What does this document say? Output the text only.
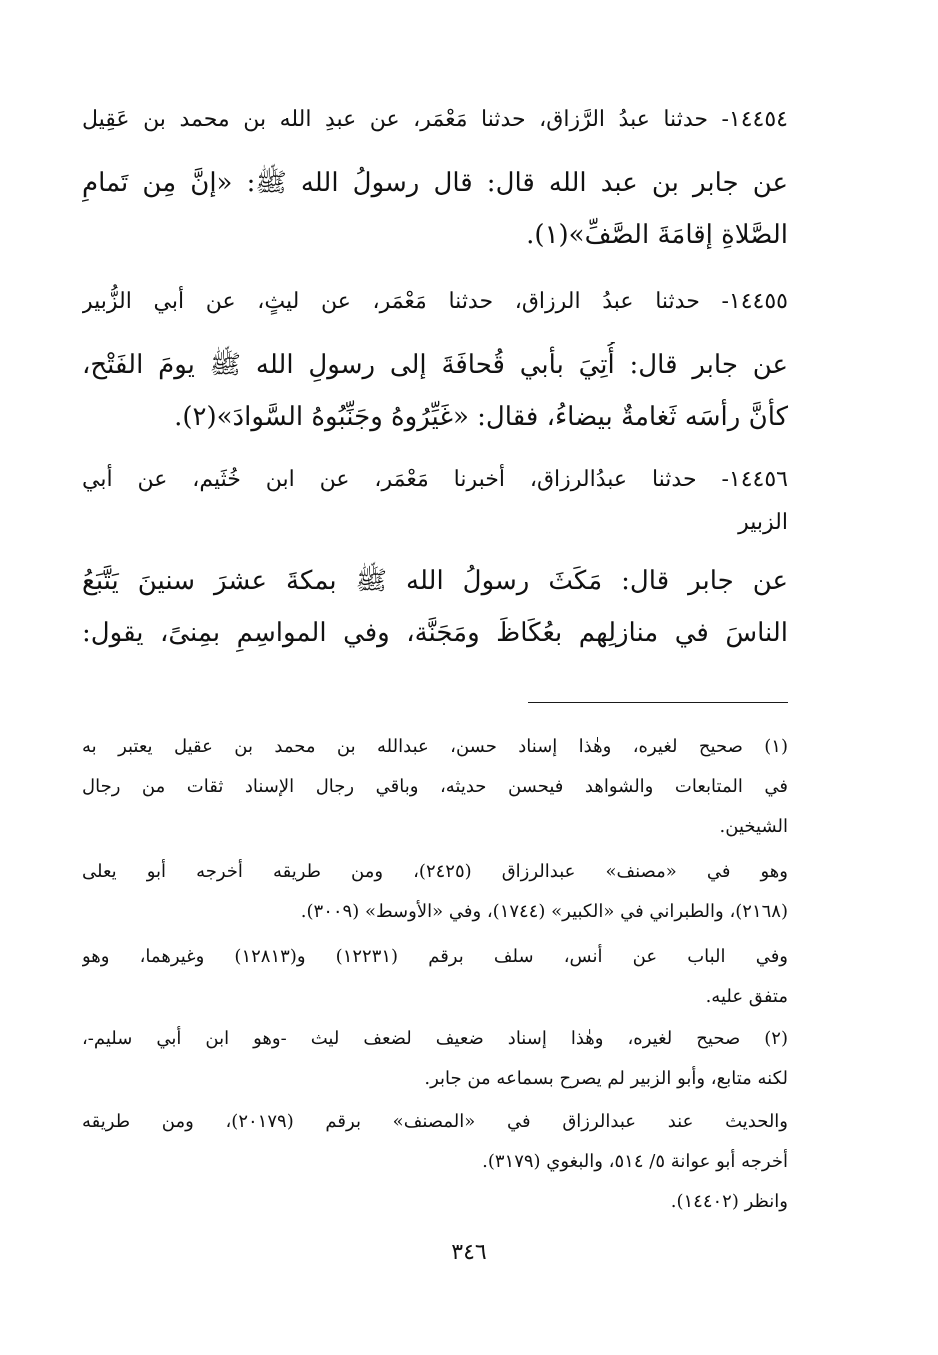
١٤٤٥٤- حدثنا عبدُ الرَّزاق، حدثنا مَعْمَر، عن عبدِ الله بن محمد بن عَقِيل
عن جابر بن عبد الله قال: قال رسولُ الله ﷺ: «إنَّ مِن تَمامِ
الصَّلاةِ إقامَةَ الصَّفِّ»(١).
١٤٤٥٥- حدثنا عبدُ الرزاق، حدثنا مَعْمَر، عن ليثٍ، عن أبي الزُّبير
عن جابر قال: أُتِيَ بأبي قُحافَةَ إلى رسولِ الله ﷺ يومَ الفَتْح،
كأنَّ رأسَه ثَغامةٌ بيضاءُ، فقال: «غَيِّرُوهُ وجَنِّبُوهُ السَّوادَ»(٢).
١٤٤٥٦- حدثنا عبدُالرزاق، أخبرنا مَعْمَر، عن ابن خُثَيم، عن أبي
الزبير
عن جابر قال: مَكَثَ رسولُ الله ﷺ بمكةَ عشرَ سنينَ يَتَّبَعُ
الناسَ في منازلِهم بعُكَاظَ ومَجَنَّة، وفي المواسِمِ بمِنىً، يقول:
(١) صحيح لغيره، وهٰذا إسناد حسن، عبدالله بن محمد بن عقيل يعتبر به
في المتابعات والشواهد فيحسن حديثه، وباقي رجال الإسناد ثقات من رجال
الشيخين.
وهو في «مصنف» عبدالرزاق (٢٤٢٥)، ومن طريقه أخرجه أبو يعلى
(٢١٦٨)، والطبراني في «الكبير» (١٧٤٤)، وفي «الأوسط» (٣٠٠٩).
وفي الباب عن أنس، سلف برقم (١٢٢٣١) و(١٢٨١٣) وغيرهما، وهو
متفق عليه.
(٢) صحيح لغيره، وهٰذا إسناد ضعيف لضعف ليث -وهو ابن أبي سليم-،
لكنه متابع، وأبو الزبير لم يصرح بسماعه من جابر.
والحديث عند عبدالرزاق في «المصنف» برقم (٢٠١٧٩)، ومن طريقه
أخرجه أبو عوانة ٥/ ٥١٤، والبغوي (٣١٧٩).
وانظر (١٤٤٠٢).
٣٤٦
